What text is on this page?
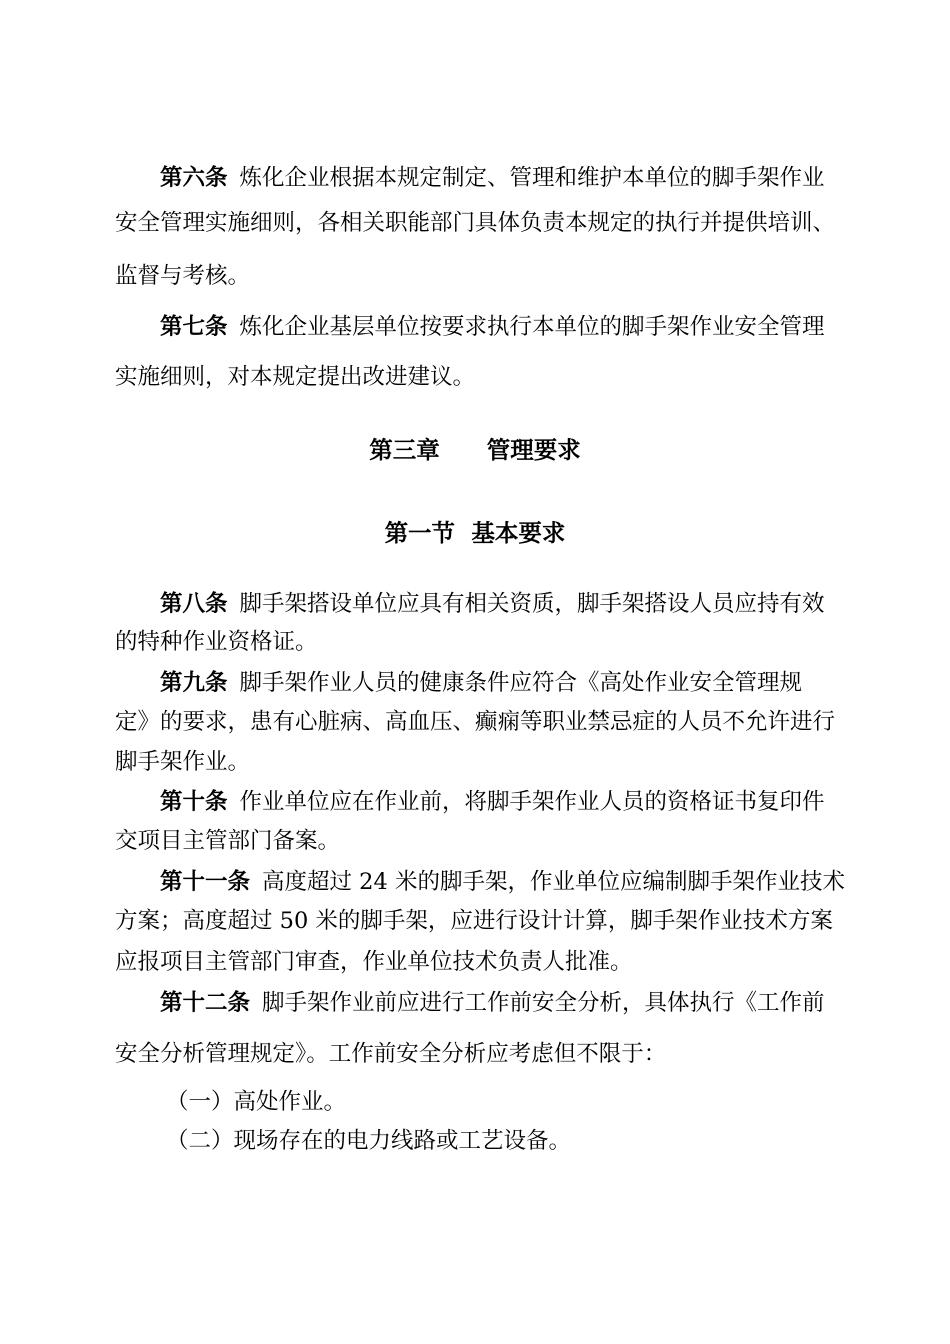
第六条 炼化企业根据本规定制定、管理和维护本单位的脚手架作业

安全管理实施细则，各相关职能部门具体负责本规定的执行并提供培训、

监督与考核。

第七条 炼化企业基层单位按要求执行本单位的脚手架作业安全管理

实施细则，对本规定提出改进建议。

第三章　　管理要求
第一节  基本要求

第八条 脚手架搭设单位应具有相关资质，脚手架搭设人员应持有效

的特种作业资格证。

第九条 脚手架作业人员的健康条件应符合《高处作业安全管理规

定》的要求，患有心脏病、高血压、癫痫等职业禁忌症的人员不允许进行

脚手架作业。

第十条 作业单位应在作业前，将脚手架作业人员的资格证书复印件

交项目主管部门备案。

第十一条 高度超过 24 米的脚手架，作业单位应编制脚手架作业技术

方案；高度超过 50 米的脚手架，应进行设计计算，脚手架作业技术方案

应报项目主管部门审查，作业单位技术负责人批准。

第十二条 脚手架作业前应进行工作前安全分析，具体执行《工作前

安全分析管理规定》。工作前安全分析应考虑但不限于：

（一）高处作业。

（二）现场存在的电力线路或工艺设备。
